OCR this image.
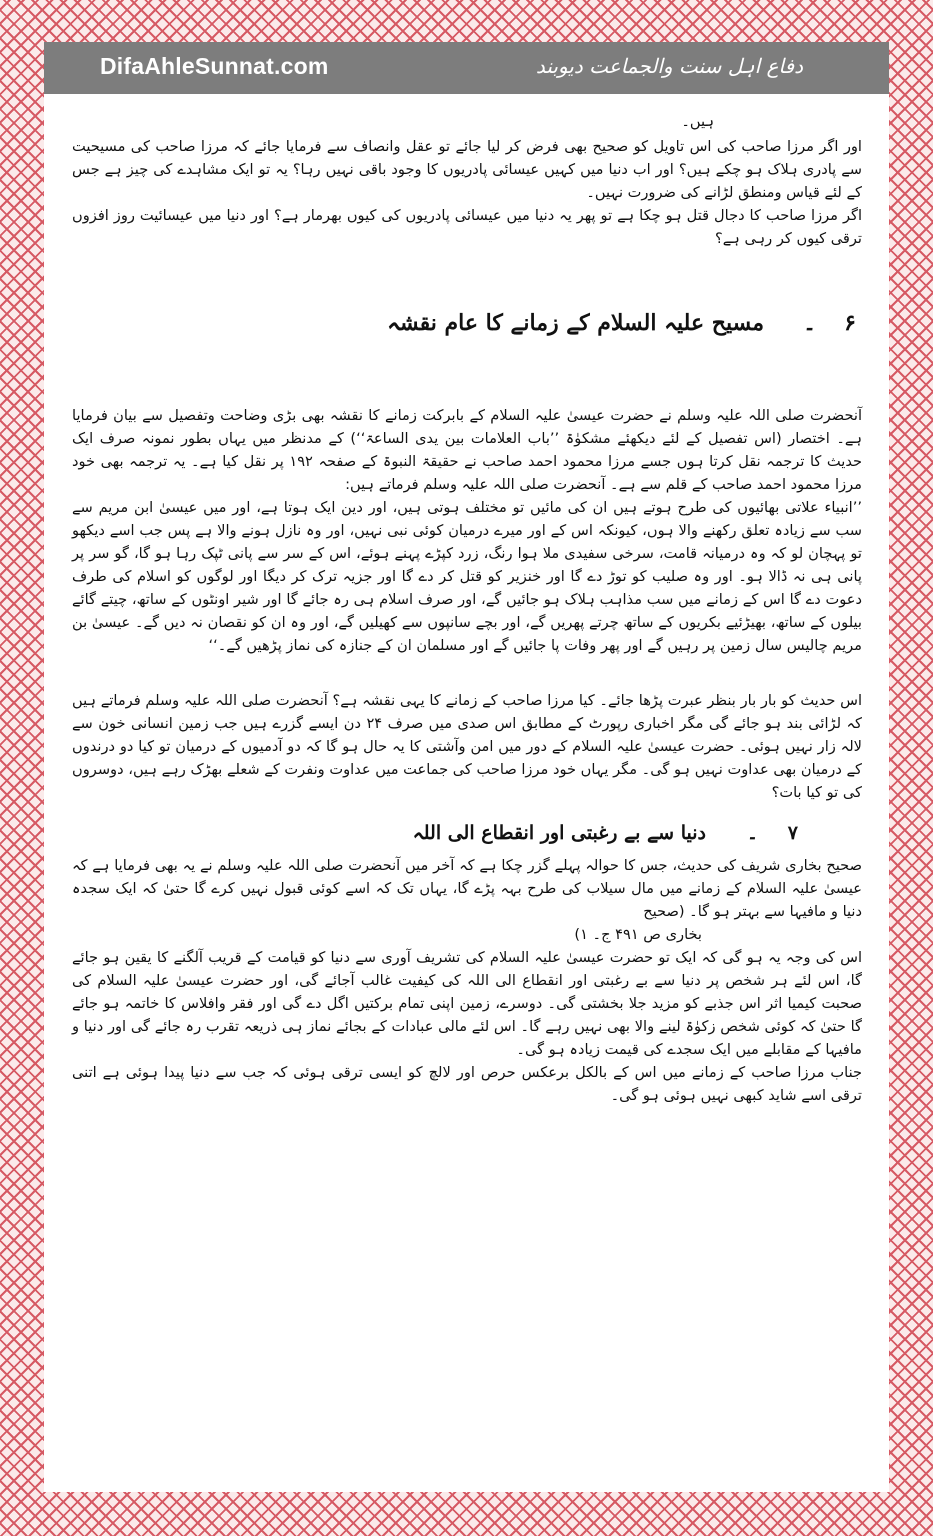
DifaAhleSunnat.com	دفاع اہل سنت والجماعت دیوبند

ہیں۔

اور اگر مرزا صاحب کی اس تاویل کو صحیح بھی فرض کر لیا جائے تو عقل وانصاف سے فرمایا جائے کہ مرزا صاحب کی مسیحیت سے پادری ہلاک ہو چکے ہیں؟ اور اب دنیا میں کہیں عیسائی پادریوں کا وجود باقی نہیں رہا؟ یہ تو ایک مشاہدے کی چیز ہے جس کے لئے قیاس ومنطق لڑانے کی ضرورت نہیں۔

اگر مرزا صاحب کا دجال قتل ہو چکا ہے تو پھر یہ دنیا میں عیسائی پادریوں کی کیوں بھرمار ہے؟ اور دنیا میں عیسائیت روز افزوں ترقی کیوں کر رہی ہے؟

۶
۔
مسیح علیہ السلام کے زمانے کا عام نقشہ

آنحضرت صلی اللہ علیہ وسلم نے حضرت عیسیٰ علیہ السلام کے بابرکت زمانے کا نقشہ بھی بڑی وضاحت وتفصیل سے بیان فرمایا ہے۔ اختصار (اس تفصیل کے لئے دیکھئے مشکوٰۃ ’’باب العلامات بین یدی الساعۃ‘‘) کے مدنظر میں یہاں بطور نمونہ صرف ایک حدیث کا ترجمہ نقل کرتا ہوں جسے مرزا محمود احمد صاحب نے حقیقۃ النبوۃ کے صفحہ ۱۹۲ پر نقل کیا ہے۔ یہ ترجمہ بھی خود مرزا محمود احمد صاحب کے قلم سے ہے۔ آنحضرت صلی اللہ علیہ وسلم فرماتے ہیں:

’’انبیاء علاتی بھائیوں کی طرح ہوتے ہیں ان کی مائیں تو مختلف ہوتی ہیں، اور دین ایک ہوتا ہے، اور میں عیسیٰ ابن مریم سے سب سے زیادہ تعلق رکھنے والا ہوں، کیونکہ اس کے اور میرے درمیان کوئی نبی نہیں، اور وہ نازل ہونے والا ہے پس جب اسے دیکھو تو پہچان لو کہ وہ درمیانہ قامت، سرخی سفیدی ملا ہوا رنگ، زرد کپڑے پہنے ہوئے، اس کے سر سے پانی ٹپک رہا ہو گا، گو سر پر پانی ہی نہ ڈالا ہو۔ اور وہ صلیب کو توڑ دے گا اور خنزیر کو قتل کر دے گا اور جزیہ ترک کر دیگا اور لوگوں کو اسلام کی طرف دعوت دے گا اس کے زمانے میں سب مذاہب ہلاک ہو جائیں گے، اور صرف اسلام ہی رہ جائے گا اور شیر اونٹوں کے ساتھ، چیتے گائے بیلوں کے ساتھ، بھیڑئیے بکریوں کے ساتھ چرتے پھریں گے، اور بچے سانپوں سے کھیلیں گے، اور وہ ان کو نقصان نہ دیں گے۔ عیسیٰ بن مریم چالیس سال زمین پر رہیں گے اور پھر وفات پا جائیں گے اور مسلمان ان کے جنازہ کی نماز پڑھیں گے۔‘‘

اس حدیث کو بار بار بنظر عبرت پڑھا جائے۔ کیا مرزا صاحب کے زمانے کا یہی نقشہ ہے؟ آنحضرت صلی اللہ علیہ وسلم فرماتے ہیں کہ لڑائی بند ہو جائے گی مگر اخباری رپورٹ کے مطابق اس صدی میں صرف ۲۴ دن ایسے گزرے ہیں جب زمین انسانی خون سے لالہ زار نہیں ہوئی۔ حضرت عیسیٰ علیہ السلام کے دور میں امن وآشتی کا یہ حال ہو گا کہ دو آدمیوں کے درمیان تو کیا دو درندوں کے درمیان بھی عداوت نہیں ہو گی۔ مگر یہاں خود مرزا صاحب کی جماعت میں عداوت ونفرت کے شعلے بھڑک رہے ہیں، دوسروں کی تو کیا بات؟

۷
۔
دنیا سے بے رغبتی اور انقطاع الی اللہ

صحیح بخاری شریف کی حدیث، جس کا حوالہ پہلے گزر چکا ہے کہ آخر میں آنحضرت صلی اللہ علیہ وسلم نے یہ بھی فرمایا ہے کہ عیسیٰ علیہ السلام کے زمانے میں مال سیلاب کی طرح بہہ پڑے گا، یہاں تک کہ اسے کوئی قبول نہیں کرے گا حتیٰ کہ ایک سجدہ دنیا و مافیہا سے بہتر ہو گا۔ (صحیح

بخاری ص ۴۹۱ ج۔ ۱)

اس کی وجہ یہ ہو گی کہ ایک تو حضرت عیسیٰ علیہ السلام کی تشریف آوری سے دنیا کو قیامت کے قریب آلگنے کا یقین ہو جائے گا، اس لئے ہر شخص پر دنیا سے بے رغبتی اور انقطاع الی اللہ کی کیفیت غالب آجائے گی، اور حضرت عیسیٰ علیہ السلام کی صحبت کیمیا اثر اس جذبے کو مزید جلا بخشتی گی۔ دوسرے، زمین اپنی تمام برکتیں اگل دے گی اور فقر وافلاس کا خاتمہ ہو جائے گا حتیٰ کہ کوئی شخص زکوٰۃ لینے والا بھی نہیں رہے گا۔ اس لئے مالی عبادات کے بجائے نماز ہی ذریعہ تقرب رہ جائے گی اور دنیا و مافیہا کے مقابلے میں ایک سجدے کی قیمت زیادہ ہو گی۔

جناب مرزا صاحب کے زمانے میں اس کے بالکل برعکس حرص اور لالچ کو ایسی ترقی ہوئی کہ جب سے دنیا پیدا ہوئی ہے اتنی ترقی اسے شاید کبھی نہیں ہوئی ہو گی۔
